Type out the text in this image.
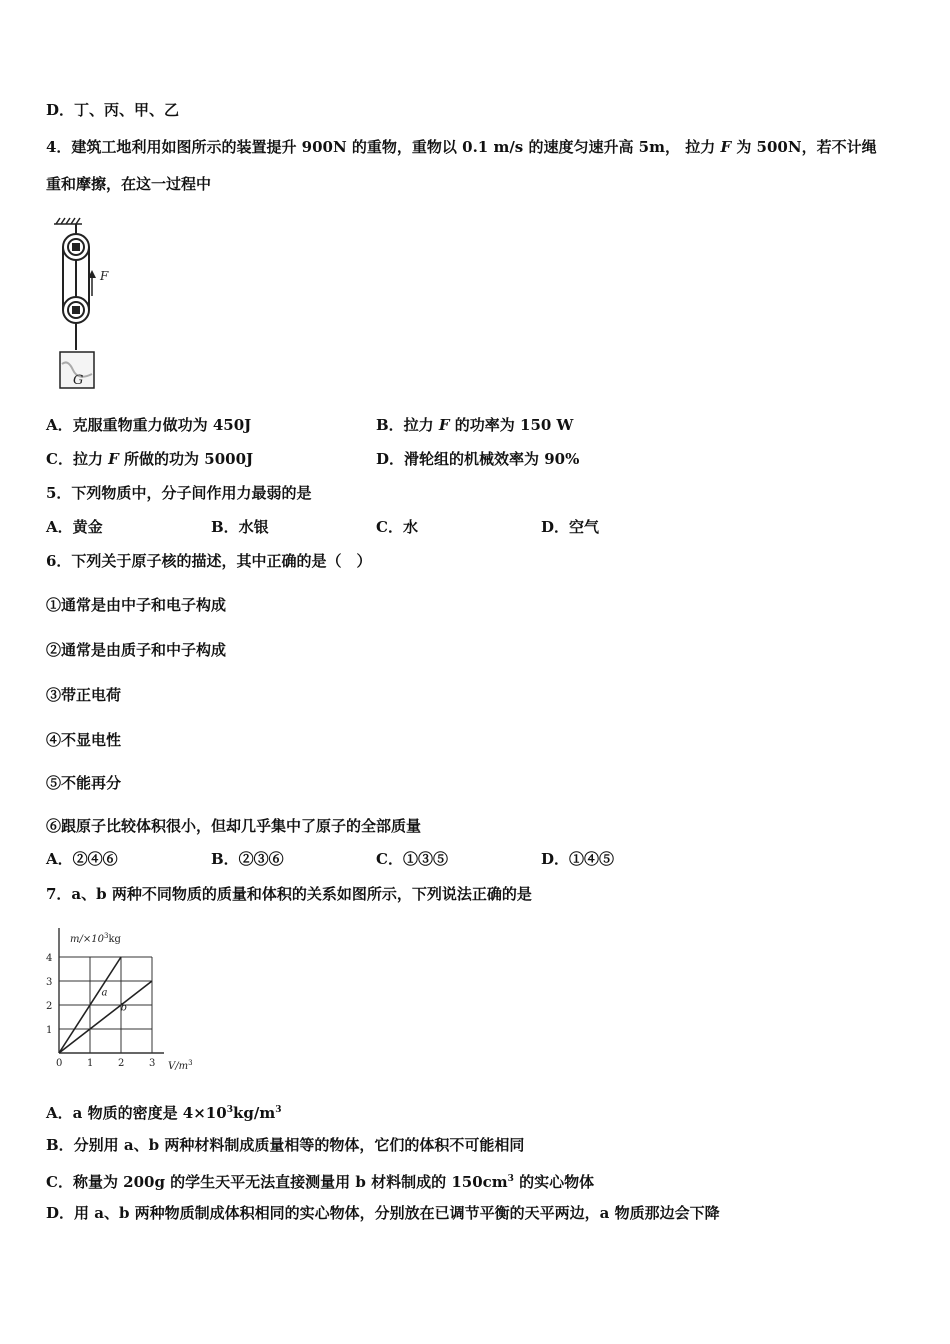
D．丁、丙、甲、乙
4．建筑工地利用如图所示的装置提升 900N 的重物，重物以 0.1 m/s 的速度匀速升高 5m， 拉力 F 为 500N，若不计绳
重和摩擦，在这一过程中
F
G
A．克服重物重力做功为 450J	B．拉力 F 的功率为 150 W
C．拉力 F 所做的功为 5000J	D．滑轮组的机械效率为 90%
5．下列物质中，分子间作用力最弱的是
A．黄金	B．水银	C．水	D．空气
6．下列关于原子核的描述，其中正确的是（　）
①通常是由中子和电子构成
②通常是由质子和中子构成
③带正电荷
④不显电性
⑤不能再分
⑥跟原子比较体积很小，但却几乎集中了原子的全部质量
A．②④⑥	B．②③⑥	C．①③⑤	D．①④⑤
7．a、b 两种不同物质的质量和体积的关系如图所示，下列说法正确的是
a
b
0 1 2 3
1
2
3
4
$m/\times 10^3kg$
$V/m^3$
A．a 物质的密度是 $4\times 10^3kg/m^3$
B．分别用 a、b 两种材料制成质量相等的物体，它们的体积不可能相同
C．称量为 200g 的学生天平无法直接测量用 b 材料制成的 $150cm^3$ 的实心物体
D．用 a、b 两种物质制成体积相同的实心物体，分别放在已调节平衡的天平两边，a 物质那边会下降
